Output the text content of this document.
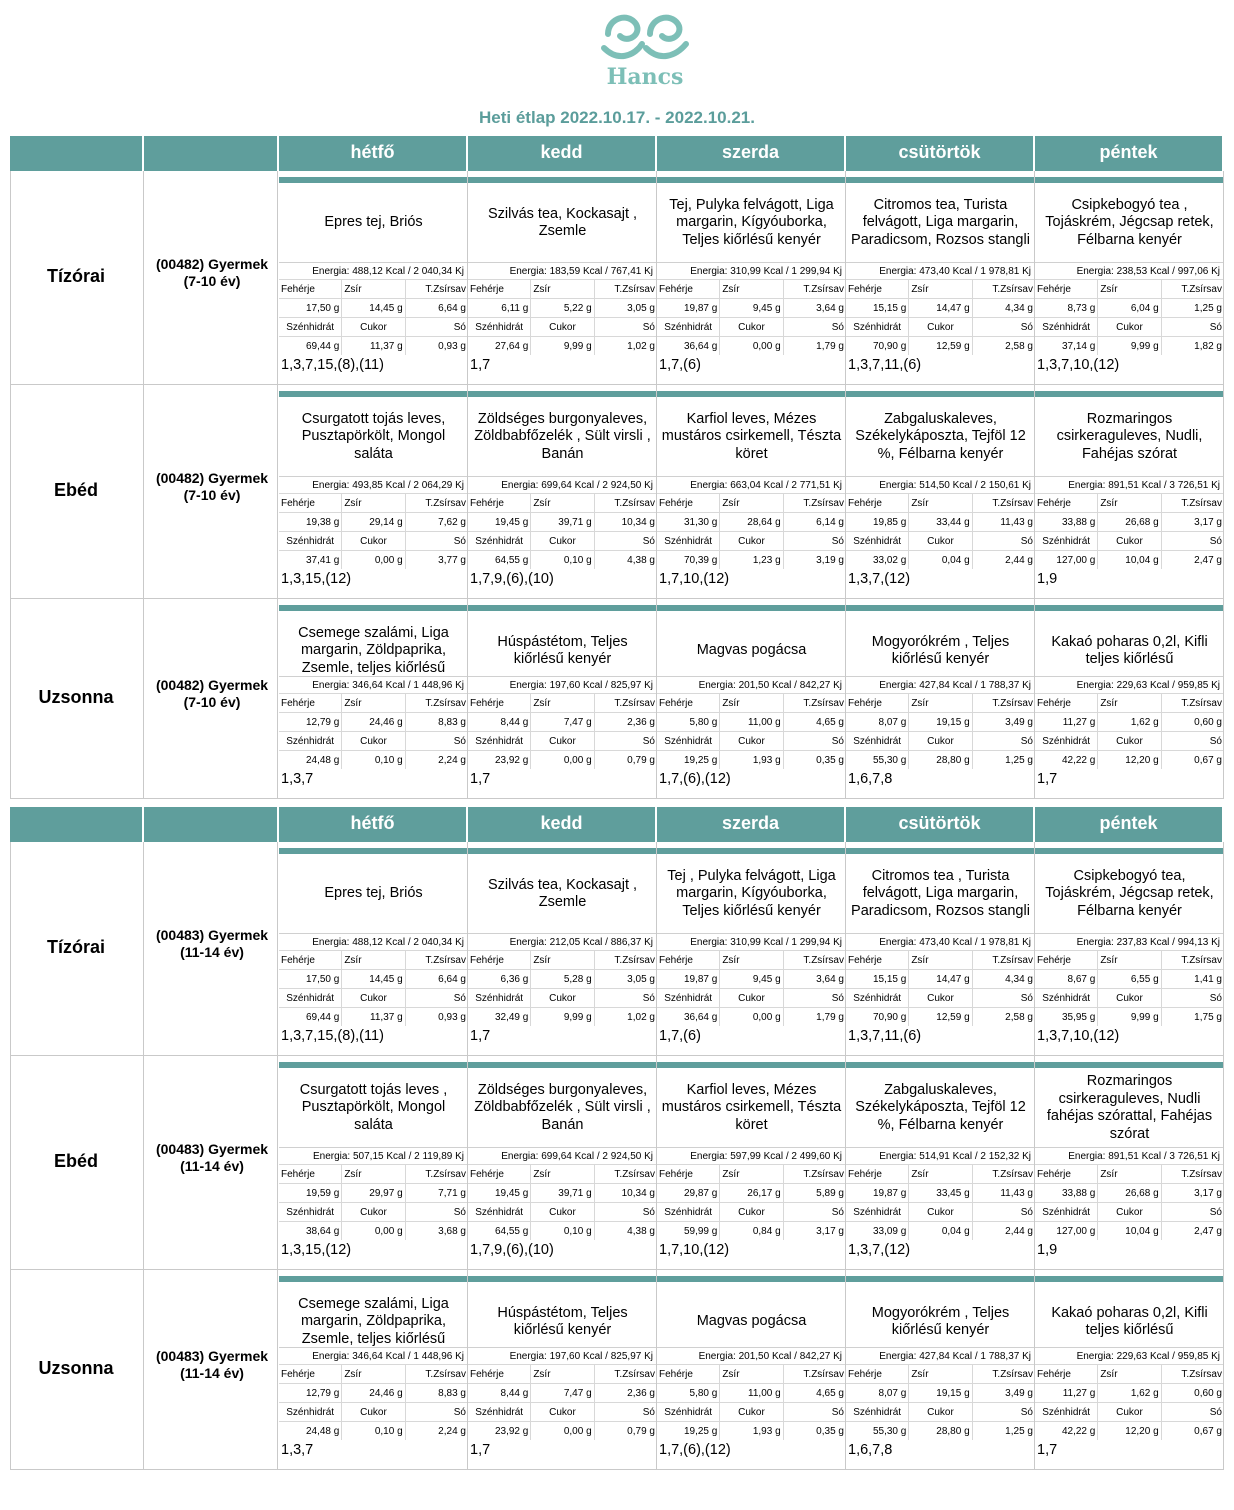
Hancs
Heti étlap 2022.10.17. - 2022.10.21.
hétfő	kedd	szerda	csütörtök	péntek
Tízórai
(00482) Gyermek (7-10 év)
Epres tej, Briós
Energia: 488,12 Kcal / 2 040,34 Kj
Fehérje	Zsír	T.Zsírsav
17,50 g	14,45 g	6,64 g
Szénhidrát	Cukor	Só
69,44 g	11,37 g	0,93 g
1,3,7,15,(8),(11)
Szilvás tea, Kockasajt , Zsemle
Energia: 183,59 Kcal / 767,41 Kj
Fehérje	Zsír	T.Zsírsav
6,11 g	5,22 g	3,05 g
Szénhidrát	Cukor	Só
27,64 g	9,99 g	1,02 g
1,7
Tej, Pulyka felvágott, Liga margarin, Kígyóuborka, Teljes kiőrlésű kenyér
Energia: 310,99 Kcal / 1 299,94 Kj
Fehérje	Zsír	T.Zsírsav
19,87 g	9,45 g	3,64 g
Szénhidrát	Cukor	Só
36,64 g	0,00 g	1,79 g
1,7,(6)
Citromos tea, Turista felvágott, Liga margarin, Paradicsom, Rozsos stangli
Energia: 473,40 Kcal / 1 978,81 Kj
Fehérje	Zsír	T.Zsírsav
15,15 g	14,47 g	4,34 g
Szénhidrát	Cukor	Só
70,90 g	12,59 g	2,58 g
1,3,7,11,(6)
Csipkebogyó tea , Tojáskrém, Jégcsap retek, Félbarna kenyér
Energia: 238,53 Kcal / 997,06 Kj
Fehérje	Zsír	T.Zsírsav
8,73 g	6,04 g	1,25 g
Szénhidrát	Cukor	Só
37,14 g	9,99 g	1,82 g
1,3,7,10,(12)
Ebéd
(00482) Gyermek (7-10 év)
Csurgatott tojás leves, Pusztapörkölt, Mongol saláta
Energia: 493,85 Kcal / 2 064,29 Kj
Fehérje	Zsír	T.Zsírsav
19,38 g	29,14 g	7,62 g
Szénhidrát	Cukor	Só
37,41 g	0,00 g	3,77 g
1,3,15,(12)
Zöldséges burgonyaleves, Zöldbabfőzelék , Sült virsli , Banán
Energia: 699,64 Kcal / 2 924,50 Kj
Fehérje	Zsír	T.Zsírsav
19,45 g	39,71 g	10,34 g
Szénhidrát	Cukor	Só
64,55 g	0,10 g	4,38 g
1,7,9,(6),(10)
Karfiol leves, Mézes mustáros csirkemell, Tészta köret
Energia: 663,04 Kcal / 2 771,51 Kj
Fehérje	Zsír	T.Zsírsav
31,30 g	28,64 g	6,14 g
Szénhidrát	Cukor	Só
70,39 g	1,23 g	3,19 g
1,7,10,(12)
Zabgaluskaleves, Székelykáposzta, Tejföl 12 %, Félbarna kenyér
Energia: 514,50 Kcal / 2 150,61 Kj
Fehérje	Zsír	T.Zsírsav
19,85 g	33,44 g	11,43 g
Szénhidrát	Cukor	Só
33,02 g	0,04 g	2,44 g
1,3,7,(12)
Rozmaringos csirkeraguleves, Nudli, Fahéjas szórat
Energia: 891,51 Kcal / 3 726,51 Kj
Fehérje	Zsír	T.Zsírsav
33,88 g	26,68 g	3,17 g
Szénhidrát	Cukor	Só
127,00 g	10,04 g	2,47 g
1,9
Uzsonna
(00482) Gyermek (7-10 év)
Csemege szalámi, Liga margarin, Zöldpaprika, Zsemle, teljes kiőrlésű
Energia: 346,64 Kcal / 1 448,96 Kj
Fehérje	Zsír	T.Zsírsav
12,79 g	24,46 g	8,83 g
Szénhidrát	Cukor	Só
24,48 g	0,10 g	2,24 g
1,3,7
Húspástétom, Teljes kiőrlésű kenyér
Energia: 197,60 Kcal / 825,97 Kj
Fehérje	Zsír	T.Zsírsav
8,44 g	7,47 g	2,36 g
Szénhidrát	Cukor	Só
23,92 g	0,00 g	0,79 g
1,7
Magvas pogácsa
Energia: 201,50 Kcal / 842,27 Kj
Fehérje	Zsír	T.Zsírsav
5,80 g	11,00 g	4,65 g
Szénhidrát	Cukor	Só
19,25 g	1,93 g	0,35 g
1,7,(6),(12)
Mogyorókrém , Teljes kiőrlésű kenyér
Energia: 427,84 Kcal / 1 788,37 Kj
Fehérje	Zsír	T.Zsírsav
8,07 g	19,15 g	3,49 g
Szénhidrát	Cukor	Só
55,30 g	28,80 g	1,25 g
1,6,7,8
Kakaó poharas 0,2l, Kifli teljes kiőrlésű
Energia: 229,63 Kcal / 959,85 Kj
Fehérje	Zsír	T.Zsírsav
11,27 g	1,62 g	0,60 g
Szénhidrát	Cukor	Só
42,22 g	12,20 g	0,67 g
1,7
hétfő	kedd	szerda	csütörtök	péntek
Tízórai
(00483) Gyermek (11-14 év)
Epres tej, Briós
Energia: 488,12 Kcal / 2 040,34 Kj
Fehérje	Zsír	T.Zsírsav
17,50 g	14,45 g	6,64 g
Szénhidrát	Cukor	Só
69,44 g	11,37 g	0,93 g
1,3,7,15,(8),(11)
Szilvás tea, Kockasajt , Zsemle
Energia: 212,05 Kcal / 886,37 Kj
Fehérje	Zsír	T.Zsírsav
6,36 g	5,28 g	3,05 g
Szénhidrát	Cukor	Só
32,49 g	9,99 g	1,02 g
1,7
Tej , Pulyka felvágott, Liga margarin, Kígyóuborka, Teljes kiőrlésű kenyér
Energia: 310,99 Kcal / 1 299,94 Kj
Fehérje	Zsír	T.Zsírsav
19,87 g	9,45 g	3,64 g
Szénhidrát	Cukor	Só
36,64 g	0,00 g	1,79 g
1,7,(6)
Citromos tea , Turista felvágott, Liga margarin, Paradicsom, Rozsos stangli
Energia: 473,40 Kcal / 1 978,81 Kj
Fehérje	Zsír	T.Zsírsav
15,15 g	14,47 g	4,34 g
Szénhidrát	Cukor	Só
70,90 g	12,59 g	2,58 g
1,3,7,11,(6)
Csipkebogyó tea, Tojáskrém, Jégcsap retek, Félbarna kenyér
Energia: 237,83 Kcal / 994,13 Kj
Fehérje	Zsír	T.Zsírsav
8,67 g	6,55 g	1,41 g
Szénhidrát	Cukor	Só
35,95 g	9,99 g	1,75 g
1,3,7,10,(12)
Ebéd
(00483) Gyermek (11-14 év)
Csurgatott tojás leves , Pusztapörkölt, Mongol saláta
Energia: 507,15 Kcal / 2 119,89 Kj
Fehérje	Zsír	T.Zsírsav
19,59 g	29,97 g	7,71 g
Szénhidrát	Cukor	Só
38,64 g	0,00 g	3,68 g
1,3,15,(12)
Zöldséges burgonyaleves, Zöldbabfőzelék , Sült virsli , Banán
Energia: 699,64 Kcal / 2 924,50 Kj
Fehérje	Zsír	T.Zsírsav
19,45 g	39,71 g	10,34 g
Szénhidrát	Cukor	Só
64,55 g	0,10 g	4,38 g
1,7,9,(6),(10)
Karfiol leves, Mézes mustáros csirkemell, Tészta köret
Energia: 597,99 Kcal / 2 499,60 Kj
Fehérje	Zsír	T.Zsírsav
29,87 g	26,17 g	5,89 g
Szénhidrát	Cukor	Só
59,99 g	0,84 g	3,17 g
1,7,10,(12)
Zabgaluskaleves, Székelykáposzta, Tejföl 12 %, Félbarna kenyér
Energia: 514,91 Kcal / 2 152,32 Kj
Fehérje	Zsír	T.Zsírsav
19,87 g	33,45 g	11,43 g
Szénhidrát	Cukor	Só
33,09 g	0,04 g	2,44 g
1,3,7,(12)
Rozmaringos csirkeraguleves, Nudli fahéjas szórattal, Fahéjas szórat
Energia: 891,51 Kcal / 3 726,51 Kj
Fehérje	Zsír	T.Zsírsav
33,88 g	26,68 g	3,17 g
Szénhidrát	Cukor	Só
127,00 g	10,04 g	2,47 g
1,9
Uzsonna
(00483) Gyermek (11-14 év)
Csemege szalámi, Liga margarin, Zöldpaprika, Zsemle, teljes kiőrlésű
Energia: 346,64 Kcal / 1 448,96 Kj
Fehérje	Zsír	T.Zsírsav
12,79 g	24,46 g	8,83 g
Szénhidrát	Cukor	Só
24,48 g	0,10 g	2,24 g
1,3,7
Húspástétom, Teljes kiőrlésű kenyér
Energia: 197,60 Kcal / 825,97 Kj
Fehérje	Zsír	T.Zsírsav
8,44 g	7,47 g	2,36 g
Szénhidrát	Cukor	Só
23,92 g	0,00 g	0,79 g
1,7
Magvas pogácsa
Energia: 201,50 Kcal / 842,27 Kj
Fehérje	Zsír	T.Zsírsav
5,80 g	11,00 g	4,65 g
Szénhidrát	Cukor	Só
19,25 g	1,93 g	0,35 g
1,7,(6),(12)
Mogyorókrém , Teljes kiőrlésű kenyér
Energia: 427,84 Kcal / 1 788,37 Kj
Fehérje	Zsír	T.Zsírsav
8,07 g	19,15 g	3,49 g
Szénhidrát	Cukor	Só
55,30 g	28,80 g	1,25 g
1,6,7,8
Kakaó poharas 0,2l, Kifli teljes kiőrlésű
Energia: 229,63 Kcal / 959,85 Kj
Fehérje	Zsír	T.Zsírsav
11,27 g	1,62 g	0,60 g
Szénhidrát	Cukor	Só
42,22 g	12,20 g	0,67 g
1,7
